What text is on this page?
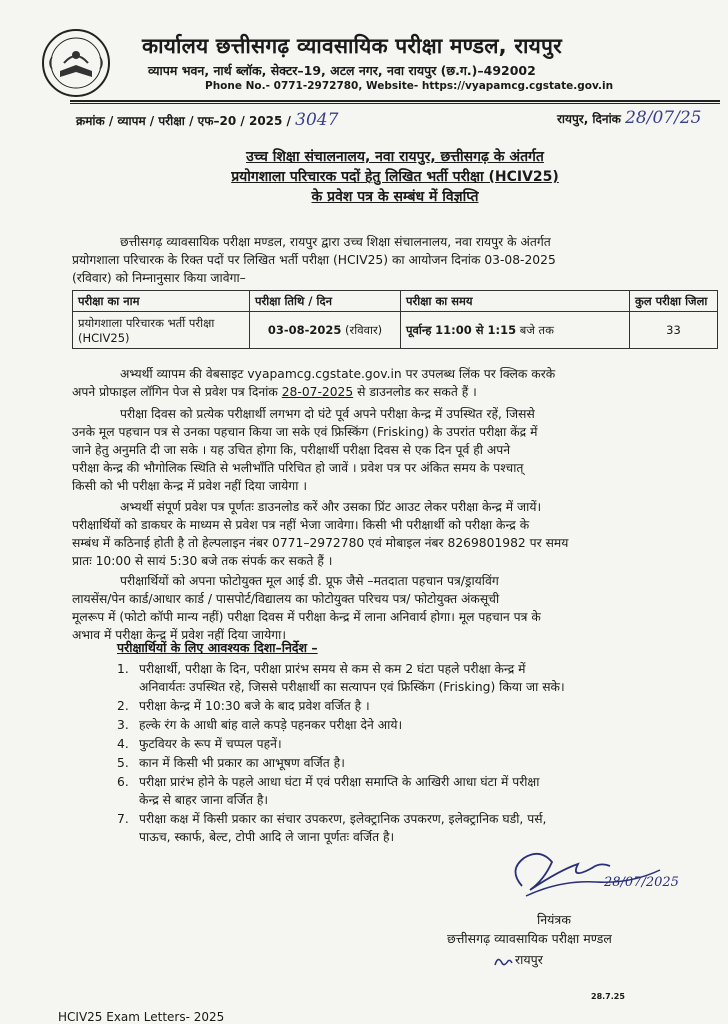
कार्यालय छत्तीसगढ़ व्यावसायिक परीक्षा मण्डल, रायपुर
व्यापम भवन, नार्थ ब्लॉक, सेक्टर–19, अटल नगर, नवा रायपुर (छ.ग.)–492002
Phone No.- 0771-2972780, Website- https://vyapamcg.cgstate.gov.in
क्रमांक / व्यापम / परीक्षा / एफ–20 / 2025 / 3047	रायपुर, दिनांक 28/07/25
उच्च शिक्षा संचालनालय, नवा रायपुर, छत्तीसगढ़ के अंतर्गत
प्रयोगशाला परिचारक पदों हेतु लिखित भर्ती परीक्षा (HCIV25)
के प्रवेश पत्र के सम्बंध में विज्ञप्ति
छत्तीसगढ़ व्यावसायिक परीक्षा मण्डल, रायपुर द्वारा उच्च शिक्षा संचालनालय, नवा रायपुर के अंतर्गत
प्रयोगशाला परिचारक के रिक्त पदों पर लिखित भर्ती परीक्षा (HCIV25) का आयोजन दिनांक 03-08-2025
(रविवार) को निम्नानुसार किया जावेगा–
परीक्षा का नाम	परीक्षा तिथि / दिन	परीक्षा का समय	कुल परीक्षा जिला
प्रयोगशाला परिचारक भर्ती परीक्षा (HCIV25)	03-08-2025 (रविवार)	पूर्वान्ह 11:00 से 1:15 बजे तक	33
अभ्यर्थी व्यापम की वेबसाइट vyapamcg.cgstate.gov.in पर उपलब्ध लिंक पर क्लिक करके
अपने प्रोफाइल लॉगिन पेज से प्रवेश पत्र दिनांक 28-07-2025 से डाउनलोड कर सकते हैं ।
परीक्षा दिवस को प्रत्येक परीक्षार्थी लगभग दो घंटे पूर्व अपने परीक्षा केन्द्र में उपस्थित रहें, जिससे
उनके मूल पहचान पत्र से उनका पहचान किया जा सके एवं फ्रिस्किंग (Frisking) के उपरांत परीक्षा केंद्र में
जाने हेतु अनुमति दी जा सके । यह उचित होगा कि, परीक्षार्थी परीक्षा दिवस से एक दिन पूर्व ही अपने
परीक्षा केन्द्र की भौगोलिक स्थिति से भलीभाँति परिचित हो जावें । प्रवेश पत्र पर अंकित समय के पश्चात्
किसी को भी परीक्षा केन्द्र में प्रवेश नहीं दिया जायेगा ।
अभ्यर्थी संपूर्ण प्रवेश पत्र पूर्णतः डाउनलोड करें और उसका प्रिंट आउट लेकर परीक्षा केन्द्र में जायें।
परीक्षार्थियों को डाकघर के माध्यम से प्रवेश पत्र नहीं भेजा जावेगा। किसी भी परीक्षार्थी को परीक्षा केन्द्र के
सम्बंध में कठिनाई होती है तो हेल्पलाइन नंबर 0771–2972780 एवं मोबाइल नंबर 8269801982 पर समय
प्रातः 10:00 से सायं 5:30 बजे तक संपर्क कर सकते हैं ।
परीक्षार्थियों को अपना फोटोयुक्त मूल आई डी. प्रूफ जैसे –मतदाता पहचान पत्र/ड्रायविंग
लायसेंस/पेन कार्ड/आधार कार्ड / पासपोर्ट/विद्यालय का फोटोयुक्त परिचय पत्र/ फोटोयुक्त अंकसूची
मूलरूप में (फोटो कॉपी मान्य नहीं) परीक्षा दिवस में परीक्षा केन्द्र में लाना अनिवार्य होगा। मूल पहचान पत्र के
अभाव में परीक्षा केन्द्र में प्रवेश नहीं दिया जायेगा।
परीक्षार्थियों के लिए आवश्यक दिशा–निर्देश –
1. परीक्षार्थी, परीक्षा के दिन, परीक्षा प्रारंभ समय से कम से कम 2 घंटा पहले परीक्षा केन्द्र में
अनिवार्यतः उपस्थित रहे, जिससे परीक्षार्थी का सत्यापन एवं फ्रिस्किंग (Frisking) किया जा सके।
2. परीक्षा केन्द्र में 10:30 बजे के बाद प्रवेश वर्जित है ।
3. हल्के रंग के आधी बांह वाले कपड़े पहनकर परीक्षा देने आये।
4. फुटवियर के रूप में चप्पल पहनें।
5. कान में किसी भी प्रकार का आभूषण वर्जित है।
6. परीक्षा प्रारंभ होने के पहले आधा घंटा में एवं परीक्षा समाप्ति के आखिरी आधा घंटा में परीक्षा
केन्द्र से बाहर जाना वर्जित है।
7. परीक्षा कक्ष में किसी प्रकार का संचार उपकरण, इलेक्ट्रानिक उपकरण, इलेक्ट्रानिक घडी, पर्स,
पाऊच, स्कार्फ, बेल्ट, टोपी आदि ले जाना पूर्णतः वर्जित है।
28/07/2025
नियंत्रक
छत्तीसगढ़ व्यावसायिक परीक्षा मण्डल
रायपुर
28.7.25
HCIV25 Exam Letters- 2025
